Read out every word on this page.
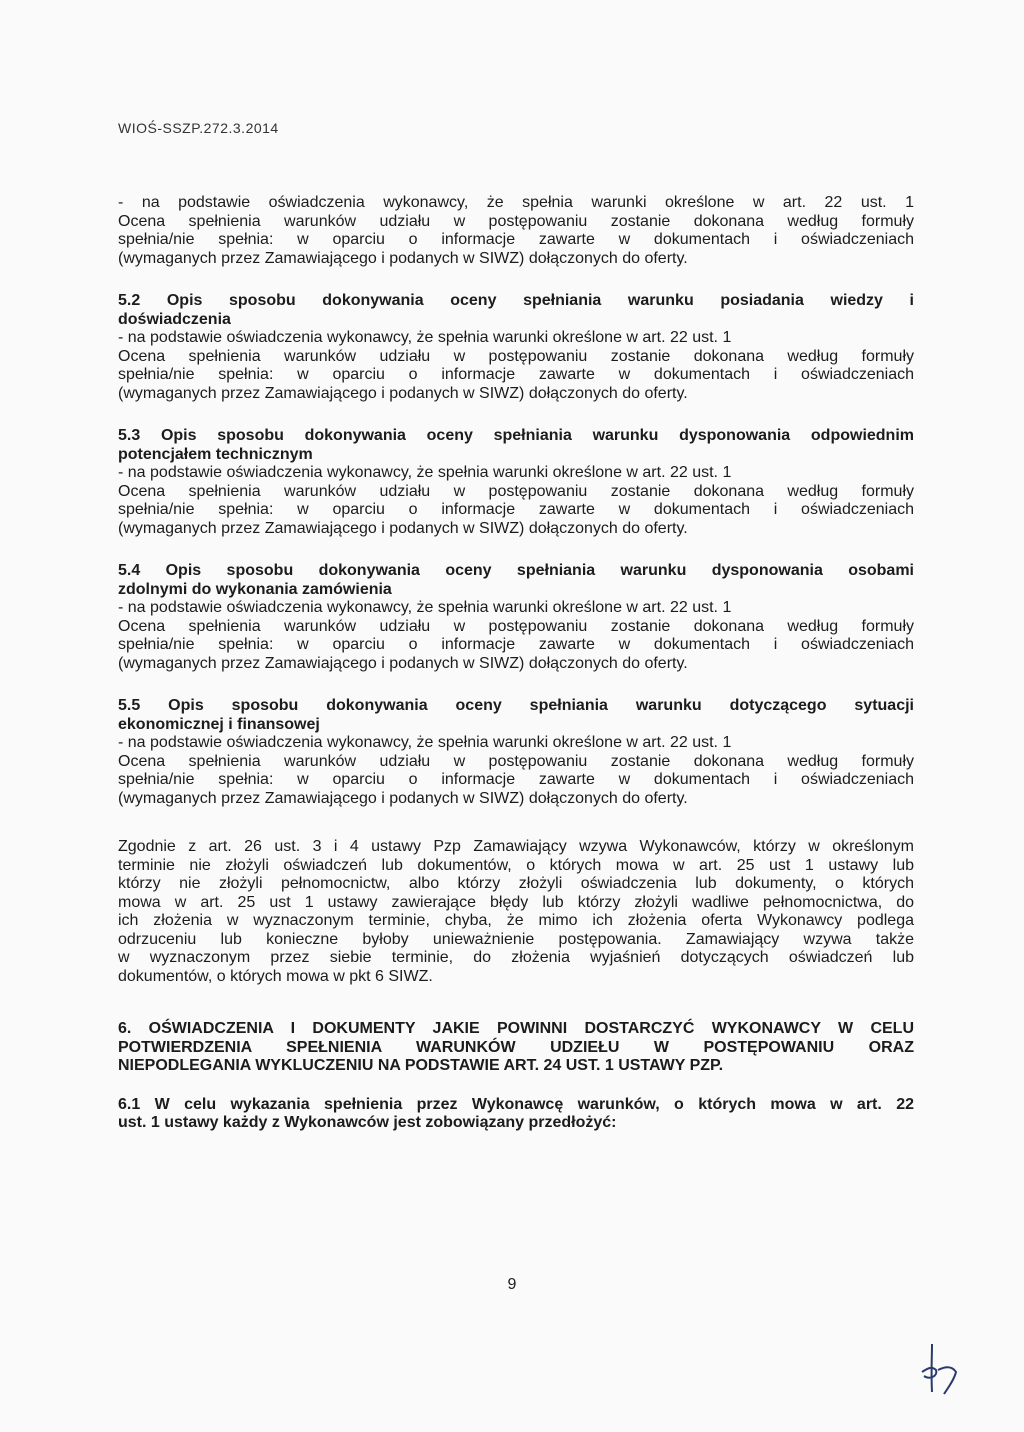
WIOŚ-SSZP.272.3.2014
- na podstawie oświadczenia wykonawcy, że spełnia warunki określone w art. 22 ust. 1
Ocena spełnienia warunków udziału w postępowaniu zostanie dokonana według formuły
spełnia/nie spełnia: w oparciu o informacje zawarte w dokumentach i oświadczeniach
(wymaganych przez Zamawiającego i podanych w SIWZ) dołączonych do oferty.
5.2 Opis sposobu dokonywania oceny spełniania warunku posiadania wiedzy i
doświadczenia
- na podstawie oświadczenia wykonawcy, że spełnia warunki określone w art. 22 ust. 1
Ocena spełnienia warunków udziału w postępowaniu zostanie dokonana według formuły
spełnia/nie spełnia: w oparciu o informacje zawarte w dokumentach i oświadczeniach
(wymaganych przez Zamawiającego i podanych w SIWZ) dołączonych do oferty.
5.3 Opis sposobu dokonywania oceny spełniania warunku dysponowania odpowiednim
potencjałem technicznym
- na podstawie oświadczenia wykonawcy, że spełnia warunki określone w art. 22 ust. 1
Ocena spełnienia warunków udziału w postępowaniu zostanie dokonana według formuły
spełnia/nie spełnia: w oparciu o informacje zawarte w dokumentach i oświadczeniach
(wymaganych przez Zamawiającego i podanych w SIWZ) dołączonych do oferty.
5.4 Opis sposobu dokonywania oceny spełniania warunku dysponowania osobami
zdolnymi do wykonania zamówienia
- na podstawie oświadczenia wykonawcy, że spełnia warunki określone w art. 22 ust. 1
Ocena spełnienia warunków udziału w postępowaniu zostanie dokonana według formuły
spełnia/nie spełnia: w oparciu o informacje zawarte w dokumentach i oświadczeniach
(wymaganych przez Zamawiającego i podanych w SIWZ) dołączonych do oferty.
5.5 Opis sposobu dokonywania oceny spełniania warunku dotyczącego sytuacji
ekonomicznej i finansowej
- na podstawie oświadczenia wykonawcy, że spełnia warunki określone w art. 22 ust. 1
Ocena spełnienia warunków udziału w postępowaniu zostanie dokonana według formuły
spełnia/nie spełnia: w oparciu o informacje zawarte w dokumentach i oświadczeniach
(wymaganych przez Zamawiającego i podanych w SIWZ) dołączonych do oferty.
Zgodnie z art. 26 ust. 3 i 4 ustawy Pzp Zamawiający wzywa Wykonawców, którzy w określonym
terminie nie złożyli oświadczeń lub dokumentów, o których mowa w art. 25 ust 1 ustawy lub
którzy nie złożyli pełnomocnictw, albo którzy złożyli oświadczenia lub dokumenty, o których
mowa w art. 25 ust 1 ustawy zawierające błędy lub którzy złożyli wadliwe pełnomocnictwa, do
ich złożenia w wyznaczonym terminie, chyba, że mimo ich złożenia oferta Wykonawcy podlega
odrzuceniu lub konieczne byłoby unieważnienie postępowania. Zamawiający wzywa także
w wyznaczonym przez siebie terminie, do złożenia wyjaśnień dotyczących oświadczeń lub
dokumentów, o których mowa w pkt 6 SIWZ.
6. OŚWIADCZENIA I DOKUMENTY JAKIE POWINNI DOSTARCZYĆ WYKONAWCY W CELU
POTWIERDZENIA SPEŁNIENIA WARUNKÓW UDZIEŁU W POSTĘPOWANIU ORAZ
NIEPODLEGANIA WYKLUCZENIU NA PODSTAWIE ART. 24 UST. 1 USTAWY PZP.
6.1 W celu wykazania spełnienia przez Wykonawcę warunków, o których mowa w art. 22
ust. 1 ustawy każdy z Wykonawców jest zobowiązany przedłożyć:
9
